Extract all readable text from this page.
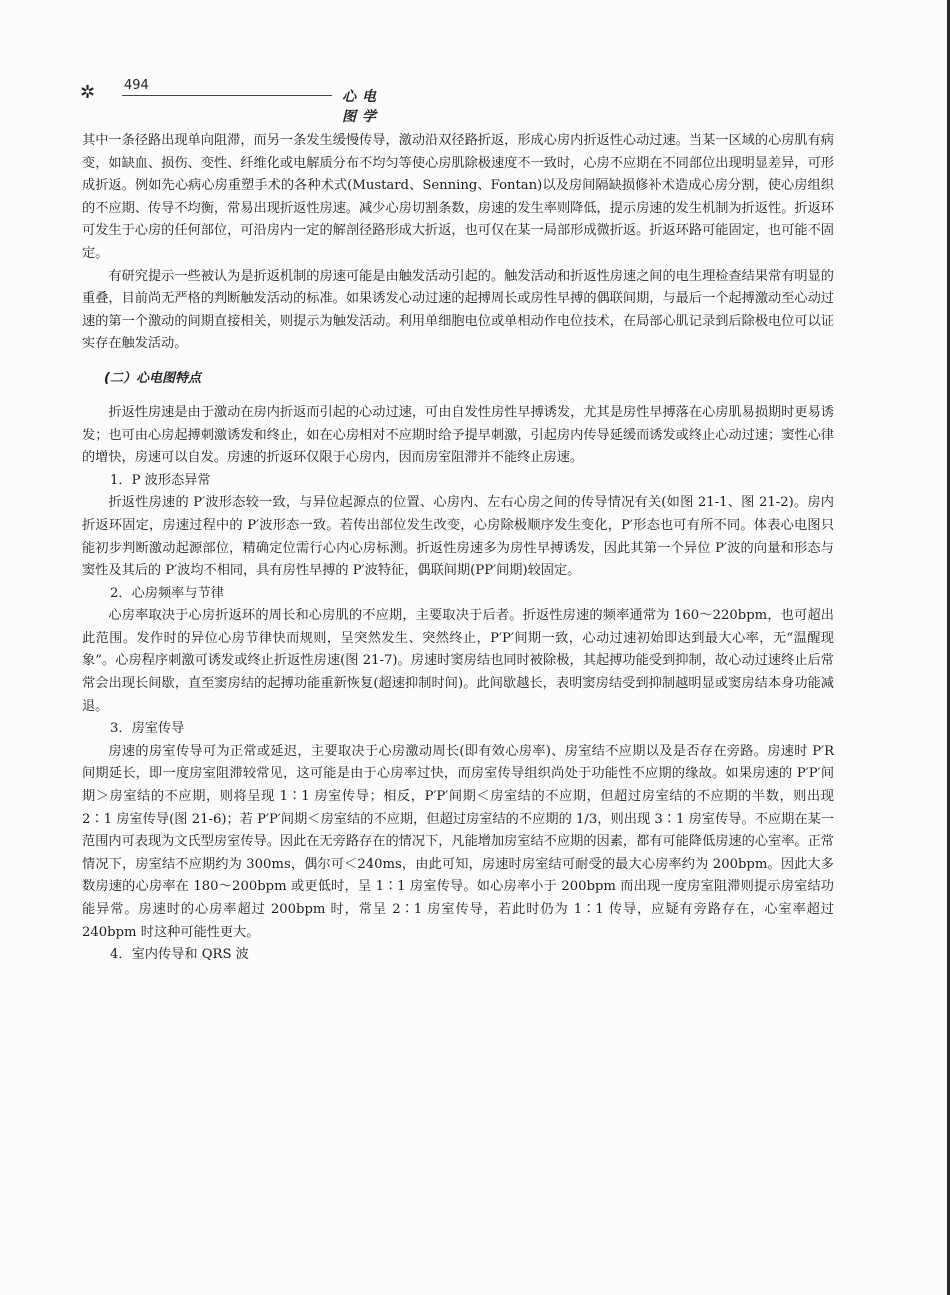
✲ 494
心电图学

其中一条径路出现单向阻滞，而另一条发生缓慢传导，激动沿双径路折返，形成心房内折返性心动过速。当某一区域的心房肌有病变，如缺血、损伤、变性、纤维化或电解质分布不均匀等使心房肌除极速度不一致时，心房不应期在不同部位出现明显差异，可形成折返。例如先心病心房重塑手术的各种术式(Mustard、Senning、Fontan)以及房间隔缺损修补术造成心房分割，使心房组织的不应期、传导不均衡，常易出现折返性房速。减少心房切割条数，房速的发生率则降低，提示房速的发生机制为折返性。折返环可发生于心房的任何部位，可沿房内一定的解剖径路形成大折返，也可仅在某一局部形成微折返。折返环路可能固定，也可能不固定。

有研究提示一些被认为是折返机制的房速可能是由触发活动引起的。触发活动和折返性房速之间的电生理检查结果常有明显的重叠，目前尚无严格的判断触发活动的标准。如果诱发心动过速的起搏周长或房性早搏的偶联间期，与最后一个起搏激动至心动过速的第一个激动的间期直接相关，则提示为触发活动。利用单细胞电位或单相动作电位技术，在局部心肌记录到后除极电位可以证实存在触发活动。

(二）心电图特点

折返性房速是由于激动在房内折返而引起的心动过速，可由自发性房性早搏诱发，尤其是房性早搏落在心房肌易损期时更易诱发；也可由心房起搏刺激诱发和终止，如在心房相对不应期时给予提早刺激，引起房内传导延缓而诱发或终止心动过速；窦性心律的增快，房速可以自发。房速的折返环仅限于心房内，因而房室阻滞并不能终止房速。

1．P 波形态异常

折返性房速的 P′波形态较一致，与异位起源点的位置、心房内、左右心房之间的传导情况有关(如图 21-1、图 21-2)。房内折返环固定，房速过程中的 P′波形态一致。若传出部位发生改变，心房除极顺序发生变化，P′形态也可有所不同。体表心电图只能初步判断激动起源部位，精确定位需行心内心房标测。折返性房速多为房性早搏诱发，因此其第一个异位 P′波的向量和形态与窦性及其后的 P′波均不相同，具有房性早搏的 P′波特征，偶联间期(PP′间期)较固定。

2．心房频率与节律

心房率取决于心房折返环的周长和心房肌的不应期，主要取决于后者。折返性房速的频率通常为 160～220bpm，也可超出此范围。发作时的异位心房节律快而规则，呈突然发生、突然终止，P′P′间期一致，心动过速初始即达到最大心率，无“温醒现象”。心房程序刺激可诱发或终止折返性房速(图 21-7)。房速时窦房结也同时被除极，其起搏功能受到抑制，故心动过速终止后常常会出现长间歇，直至窦房结的起搏功能重新恢复(超速抑制时间)。此间歇越长，表明窦房结受到抑制越明显或窦房结本身功能减退。

3．房室传导

房速的房室传导可为正常或延迟，主要取决于心房激动周长(即有效心房率)、房室结不应期以及是否存在旁路。房速时 P′R 间期延长，即一度房室阻滞较常见，这可能是由于心房率过快，而房室传导组织尚处于功能性不应期的缘故。如果房速的 P′P′间期＞房室结的不应期，则将呈现 1∶1 房室传导；相反，P′P′间期＜房室结的不应期，但超过房室结的不应期的半数，则出现 2∶1 房室传导(图 21-6)；若 P′P′间期＜房室结的不应期，但超过房室结的不应期的 1/3，则出现 3∶1 房室传导。不应期在某一范围内可表现为文氏型房室传导。因此在无旁路存在的情况下，凡能增加房室结不应期的因素，都有可能降低房速的心室率。正常情况下，房室结不应期约为 300ms，偶尔可＜240ms，由此可知，房速时房室结可耐受的最大心房率约为 200bpm。因此大多数房速的心房率在 180～200bpm 或更低时，呈 1∶1 房室传导。如心房率小于 200bpm 而出现一度房室阻滞则提示房室结功能异常。房速时的心房率超过 200bpm 时，常呈 2∶1 房室传导，若此时仍为 1∶1 传导，应疑有旁路存在，心室率超过 240bpm 时这种可能性更大。

4．室内传导和 QRS 波
